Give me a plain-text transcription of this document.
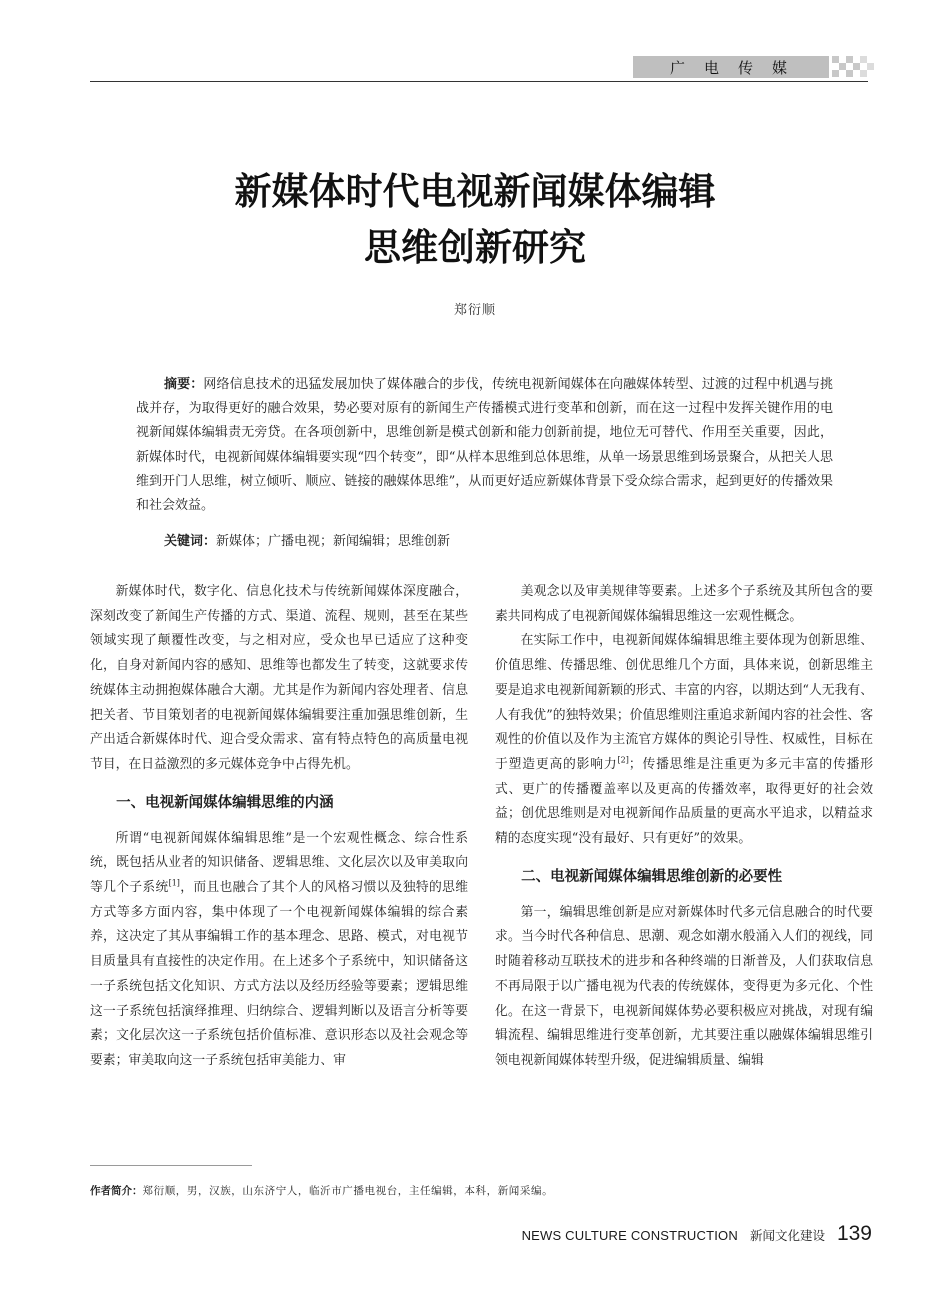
广电传媒
新媒体时代电视新闻媒体编辑
思维创新研究
郑衍顺
摘要：网络信息技术的迅猛发展加快了媒体融合的步伐，传统电视新闻媒体在向融媒体转型、过渡的过程中机遇与挑战并存，为取得更好的融合效果，势必要对原有的新闻生产传播模式进行变革和创新，而在这一过程中发挥关键作用的电视新闻媒体编辑责无旁贷。在各项创新中，思维创新是模式创新和能力创新前提，地位无可替代、作用至关重要，因此，新媒体时代，电视新闻媒体编辑要实现“四个转变”，即“从样本思维到总体思维，从单一场景思维到场景聚合，从把关人思维到开门人思维，树立倾听、顺应、链接的融媒体思维”，从而更好适应新媒体背景下受众综合需求，起到更好的传播效果和社会效益。
关键词：新媒体；广播电视；新闻编辑；思维创新

新媒体时代，数字化、信息化技术与传统新闻媒体深度融合，深刻改变了新闻生产传播的方式、渠道、流程、规则，甚至在某些领域实现了颠覆性改变，与之相对应，受众也早已适应了这种变化，自身对新闻内容的感知、思维等也都发生了转变，这就要求传统媒体主动拥抱媒体融合大潮。尤其是作为新闻内容处理者、信息把关者、节目策划者的电视新闻媒体编辑要注重加强思维创新，生产出适合新媒体时代、迎合受众需求、富有特点特色的高质量电视节目，在日益激烈的多元媒体竞争中占得先机。

一、电视新闻媒体编辑思维的内涵

所谓“电视新闻媒体编辑思维”是一个宏观性概念、综合性系统，既包括从业者的知识储备、逻辑思维、文化层次以及审美取向等几个子系统[1]，而且也融合了其个人的风格习惯以及独特的思维方式等多方面内容，集中体现了一个电视新闻媒体编辑的综合素养，这决定了其从事编辑工作的基本理念、思路、模式，对电视节目质量具有直接性的决定作用。在上述多个子系统中，知识储备这一子系统包括文化知识、方式方法以及经历经验等要素；逻辑思维这一子系统包括演绎推理、归纳综合、逻辑判断以及语言分析等要素；文化层次这一子系统包括价值标准、意识形态以及社会观念等要素；审美取向这一子系统包括审美能力、审

美观念以及审美规律等要素。上述多个子系统及其所包含的要素共同构成了电视新闻媒体编辑思维这一宏观性概念。

在实际工作中，电视新闻媒体编辑思维主要体现为创新思维、价值思维、传播思维、创优思维几个方面，具体来说，创新思维主要是追求电视新闻新颖的形式、丰富的内容，以期达到“人无我有、人有我优”的独特效果；价值思维则注重追求新闻内容的社会性、客观性的价值以及作为主流官方媒体的舆论引导性、权威性，目标在于塑造更高的影响力[2]；传播思维是注重更为多元丰富的传播形式、更广的传播覆盖率以及更高的传播效率，取得更好的社会效益；创优思维则是对电视新闻作品质量的更高水平追求，以精益求精的态度实现“没有最好、只有更好”的效果。

二、电视新闻媒体编辑思维创新的必要性

第一，编辑思维创新是应对新媒体时代多元信息融合的时代要求。当今时代各种信息、思潮、观念如潮水般涌入人们的视线，同时随着移动互联技术的进步和各种终端的日渐普及，人们获取信息不再局限于以广播电视为代表的传统媒体，变得更为多元化、个性化。在这一背景下，电视新闻媒体势必要积极应对挑战，对现有编辑流程、编辑思维进行变革创新，尤其要注重以融媒体编辑思维引领电视新闻媒体转型升级，促进编辑质量、编辑

作者简介：郑衍顺，男，汉族，山东济宁人，临沂市广播电视台，主任编辑，本科，新闻采编。
NEWS CULTURE CONSTRUCTION 新闻文化建设 139
